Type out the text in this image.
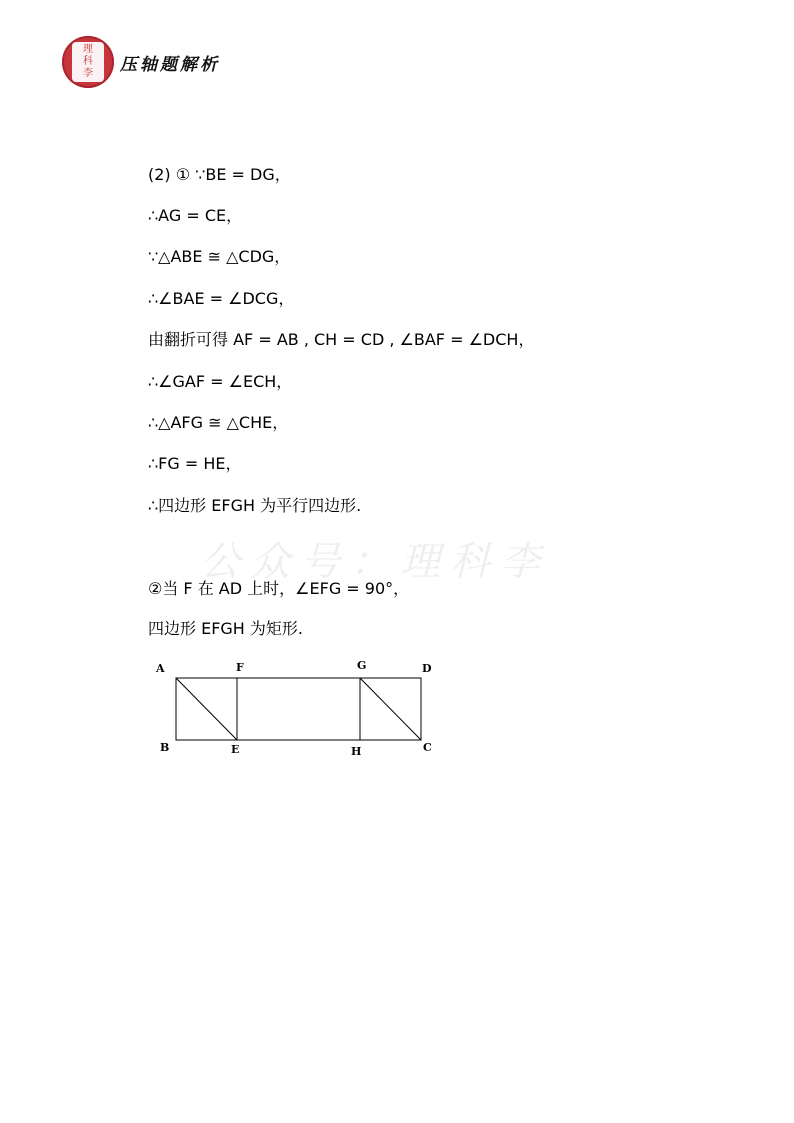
理
科
李	压轴题解析
公众号：理科李
(2) ① ∵BE = DG，
∴AG = CE，
∵△ABE ≅ △CDG，
∴∠BAE = ∠DCG，
由翻折可得 AF = AB , CH = CD , ∠BAF = ∠DCH，
∴∠GAF = ∠ECH，
∴△AFG ≅ △CHE，
∴FG = HE，
∴四边形 EFGH 为平行四边形.
②当 F 在 AD 上时，∠EFG = 90°，
四边形 EFGH 为矩形.
A	F	G	D
B	E	H	C
